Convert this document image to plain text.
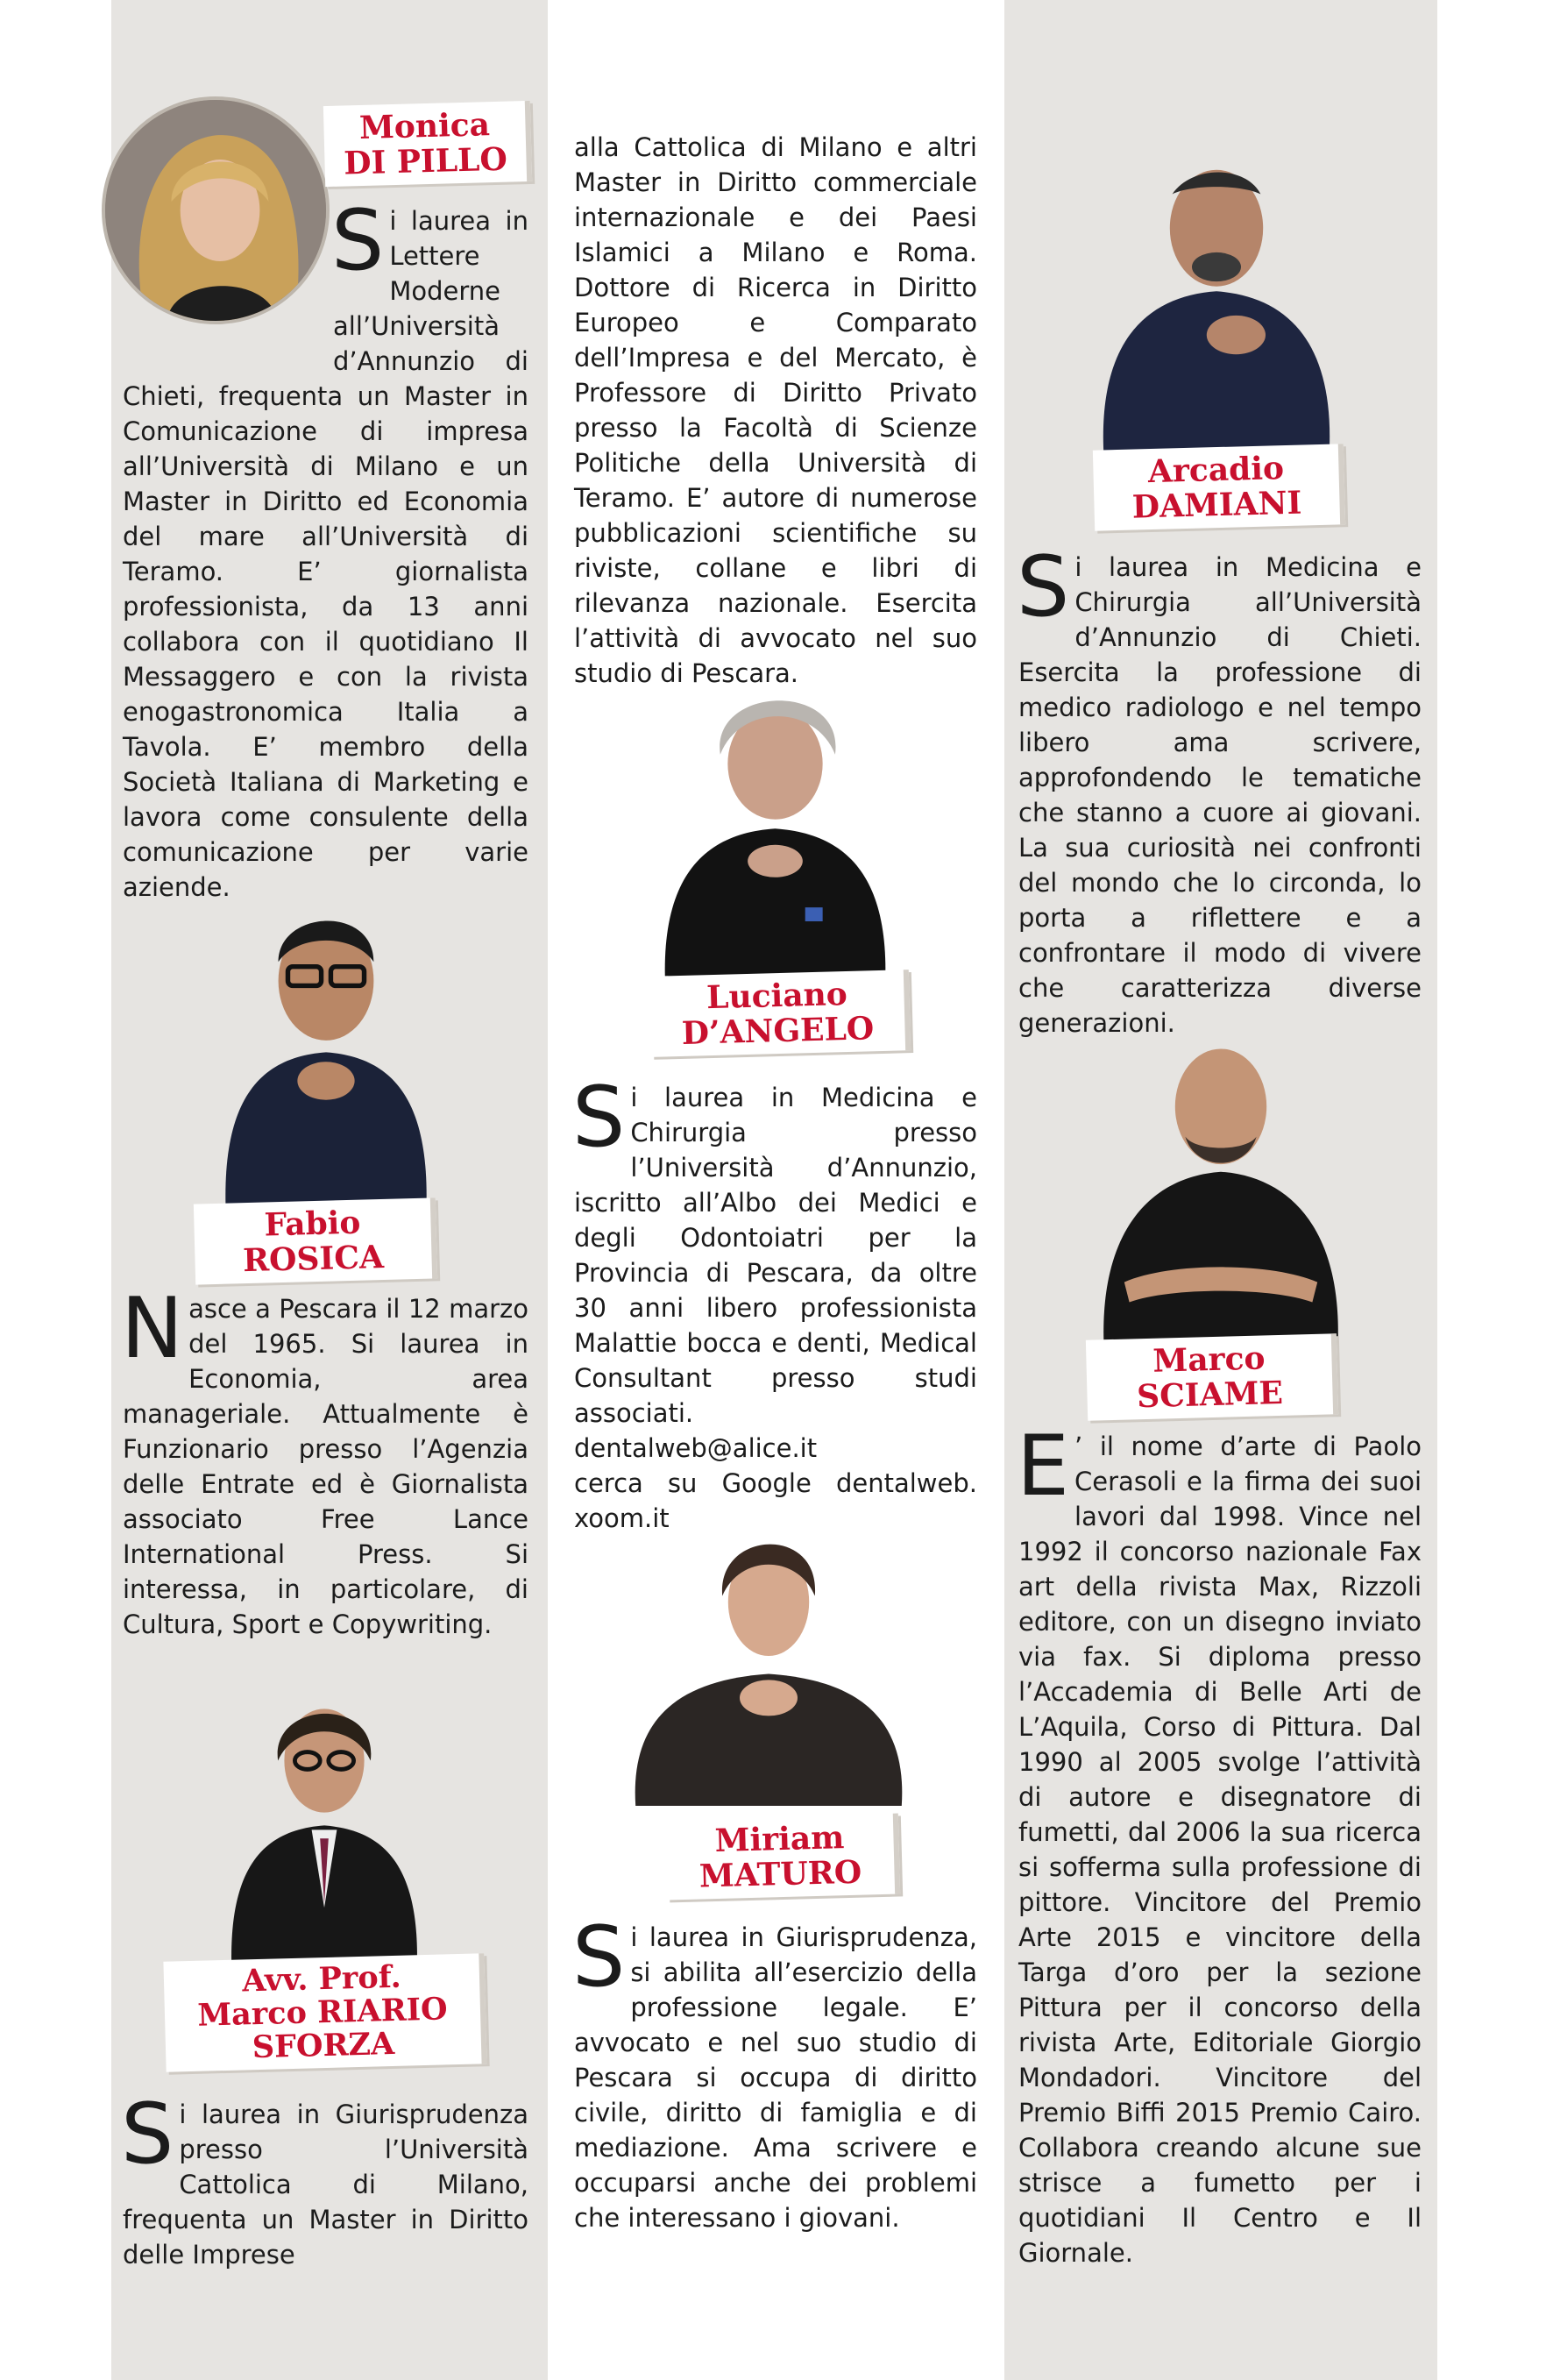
Monica
DI PILLO
Si laurea in Lettere Moderne all’Università d’Annunzio di Chieti, frequenta un Master in Comunicazione di impresa all’Università di Milano e un Master in Diritto ed Economia del mare all’Università di Teramo. E’ giornalista professionista, da 13 anni collabora con il quotidiano Il Messaggero e con la rivista enogastronomica Italia a Tavola. E’ membro della Società Italiana di Marketing e lavora come consulente della comunicazione per varie aziende.
Fabio
ROSICA
Nasce a Pescara il 12 marzo del 1965. Si laurea in Economia, area manageriale. Attualmente è Funzionario presso l’Agenzia delle Entrate ed è Giornalista associato Free Lance International Press. Si interessa, in particolare, di Cultura, Sport e Copywriting.
Avv. Prof.
Marco RIARIO
SFORZA
Si laurea in Giurisprudenza presso l’Università Cattolica di Milano, frequenta un Master in Diritto delle Imprese
alla Cattolica di Milano e altri Master in Diritto commerciale internazionale e dei Paesi Islamici a Milano e Roma. Dottore di Ricerca in Diritto Europeo e Comparato dell’Impresa e del Mercato, è Professore di Diritto Privato presso la Facoltà di Scienze Politiche della Università di Teramo. E’ autore di numerose pubblicazioni scientifiche su riviste, collane e libri di rilevanza nazionale. Esercita l’attività di avvocato nel suo studio di Pescara.
Luciano
D’ANGELO
Si laurea in Medicina e Chirurgia presso l’Università d’Annunzio, iscritto all’Albo dei Medici e degli Odontoiatri per la Provincia di Pescara, da oltre 30 anni libero professionista Malattie bocca e denti, Medical Consultant presso studi associati.
dentalweb@alice.it
cerca su Google dentalweb. xoom.it
Miriam
MATURO
Si laurea in Giurisprudenza, si abilita all’esercizio della professione legale. E’ avvocato e nel suo studio di Pescara si occupa di diritto civile, diritto di famiglia e di mediazione. Ama scrivere e occuparsi anche dei problemi che interessano i giovani.
Arcadio
DAMIANI
Si laurea in Medicina e Chirurgia all’Università d’Annunzio di Chieti. Esercita la professione di medico radiologo e nel tempo libero ama scrivere, approfondendo le tematiche che stanno a cuore ai giovani. La sua curiosità nei confronti del mondo che lo circonda, lo porta a riflettere e a confrontare il modo di vivere che caratterizza diverse generazioni.
Marco
SCIAME
E ’ il nome d’arte di Paolo Cerasoli e la firma dei suoi lavori dal 1998. Vince nel 1992 il concorso nazionale Fax art della rivista Max, Rizzoli editore, con un disegno inviato via fax. Si diploma presso l’Accademia di Belle Arti de L’Aquila, Corso di Pittura. Dal 1990 al 2005 svolge l’attività di autore e disegnatore di fumetti, dal 2006 la sua ricerca si sofferma sulla professione di pittore. Vincitore del Premio Arte 2015 e vincitore della Targa d’oro per la sezione Pittura per il concorso della rivista Arte, Editoriale Giorgio Mondadori. Vincitore del Premio Biffi 2015 Premio Cairo. Collabora creando alcune sue strisce a fumetto per i quotidiani Il Centro e Il Giornale.
